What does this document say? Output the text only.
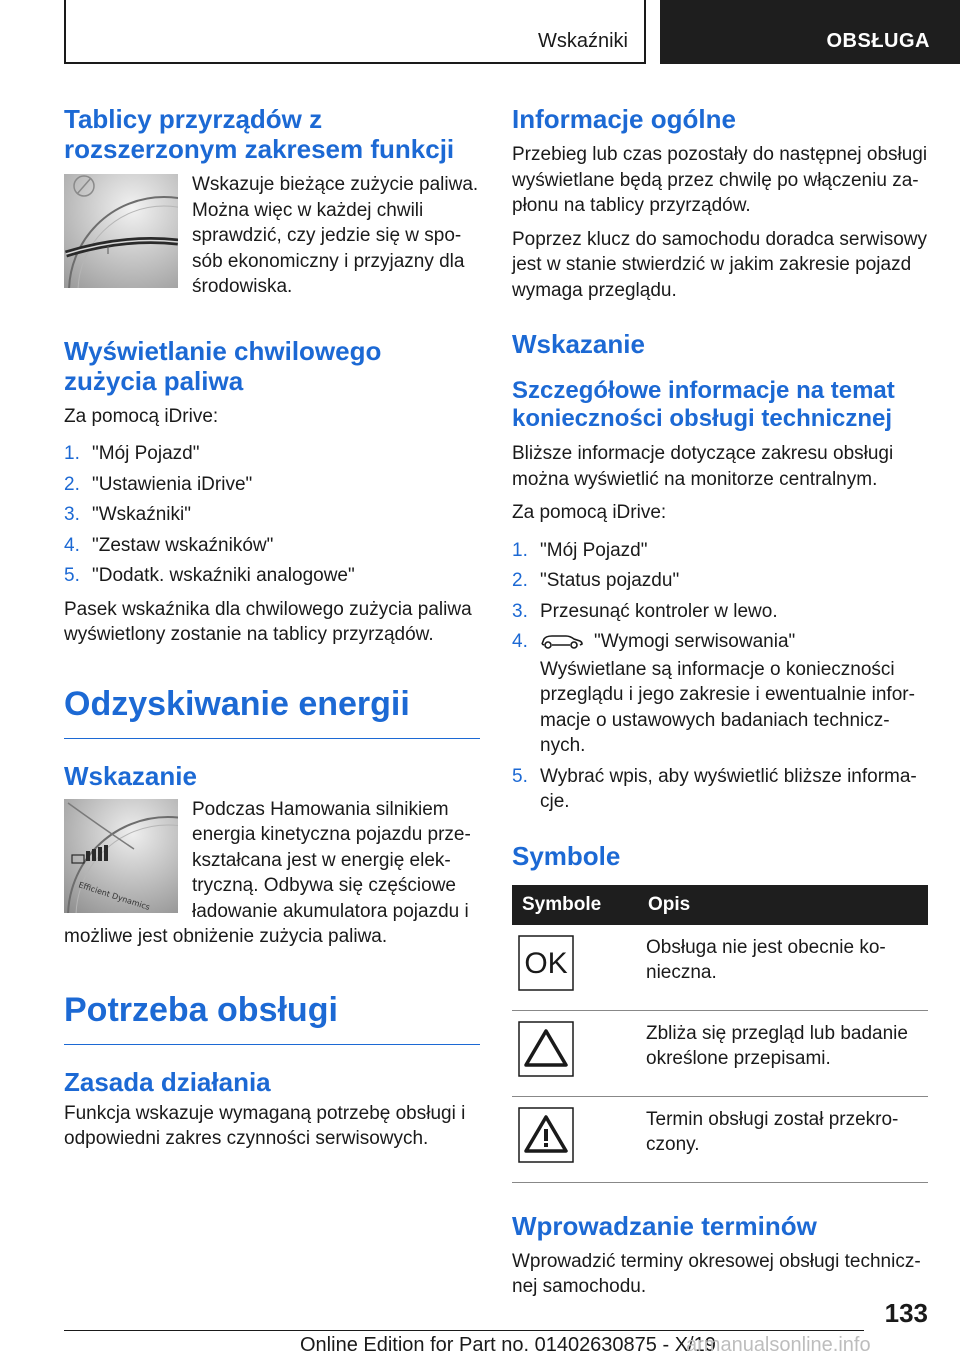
Wskaźniki	OBSŁUGA
Tablicy przyrządów z rozszerzonym zakresem funkcji

Wskazuje bieżące zużycie paliwa. Można więc w każdej chwili sprawdzić, czy jedzie się w spo-sób ekonomiczny i przyjazny dla środowiska.

Wyświetlanie chwilowego zużycia paliwa

Za pomocą iDrive:

1. "Mój Pojazd"
2. "Ustawienia iDrive"
3. "Wskaźniki"
4. "Zestaw wskaźników"
5. "Dodatk. wskaźniki analogowe"

Pasek wskaźnika dla chwilowego zużycia paliwa wyświetlony zostanie na tablicy przyrządów.

Odzyskiwanie energii
Wskazanie
Efficient Dynamics

Podczas Hamowania silnikiem energia kinetyczna pojazdu prze-kształcana jest w energię elek-tryczną. Odbywa się częściowe ładowanie akumulatora pojazdu i możliwe jest obniżenie zużycia paliwa.

Potrzeba obsługi
Zasada działania

Funkcja wskazuje wymaganą potrzebę obsługi i odpowiedni zakres czynności serwisowych.

Informacje ogólne

Przebieg lub czas pozostały do następnej obsługi wyświetlane będą przez chwilę po włączeniu za-płonu na tablicy przyrządów.

Poprzez klucz do samochodu doradca serwisowy jest w stanie stwierdzić w jakim zakresie pojazd wymaga przeglądu.

Wskazanie
Szczegółowe informacje na temat konieczności obsługi technicznej

Bliższe informacje dotyczące zakresu obsługi można wyświetlić na monitorze centralnym.

Za pomocą iDrive:

1. "Mój Pojazd"
2. "Status pojazdu"
3. Przesunąć kontroler w lewo.
4.	"Wymogi serwisowania"
Wyświetlane są informacje o konieczności przeglądu i jego zakresie i ewentualnie infor-macje o ustawowych badaniach technicz-nych.
5. Wybrać wpis, aby wyświetlić bliższe informa-cje.
Symbole
Symbole	Opis

OK	Obsługa nie jest obecnie ko-nieczna.
	Zbliża się przegląd lub badanie określone przepisami.
	Termin obsługi został przekro-czony.
Wprowadzanie terminów

Wprowadzić terminy okresowej obsługi technicz-nej samochodu.

133
Online Edition for Part no. 01402630875 - X/19
armanualsonline.info
